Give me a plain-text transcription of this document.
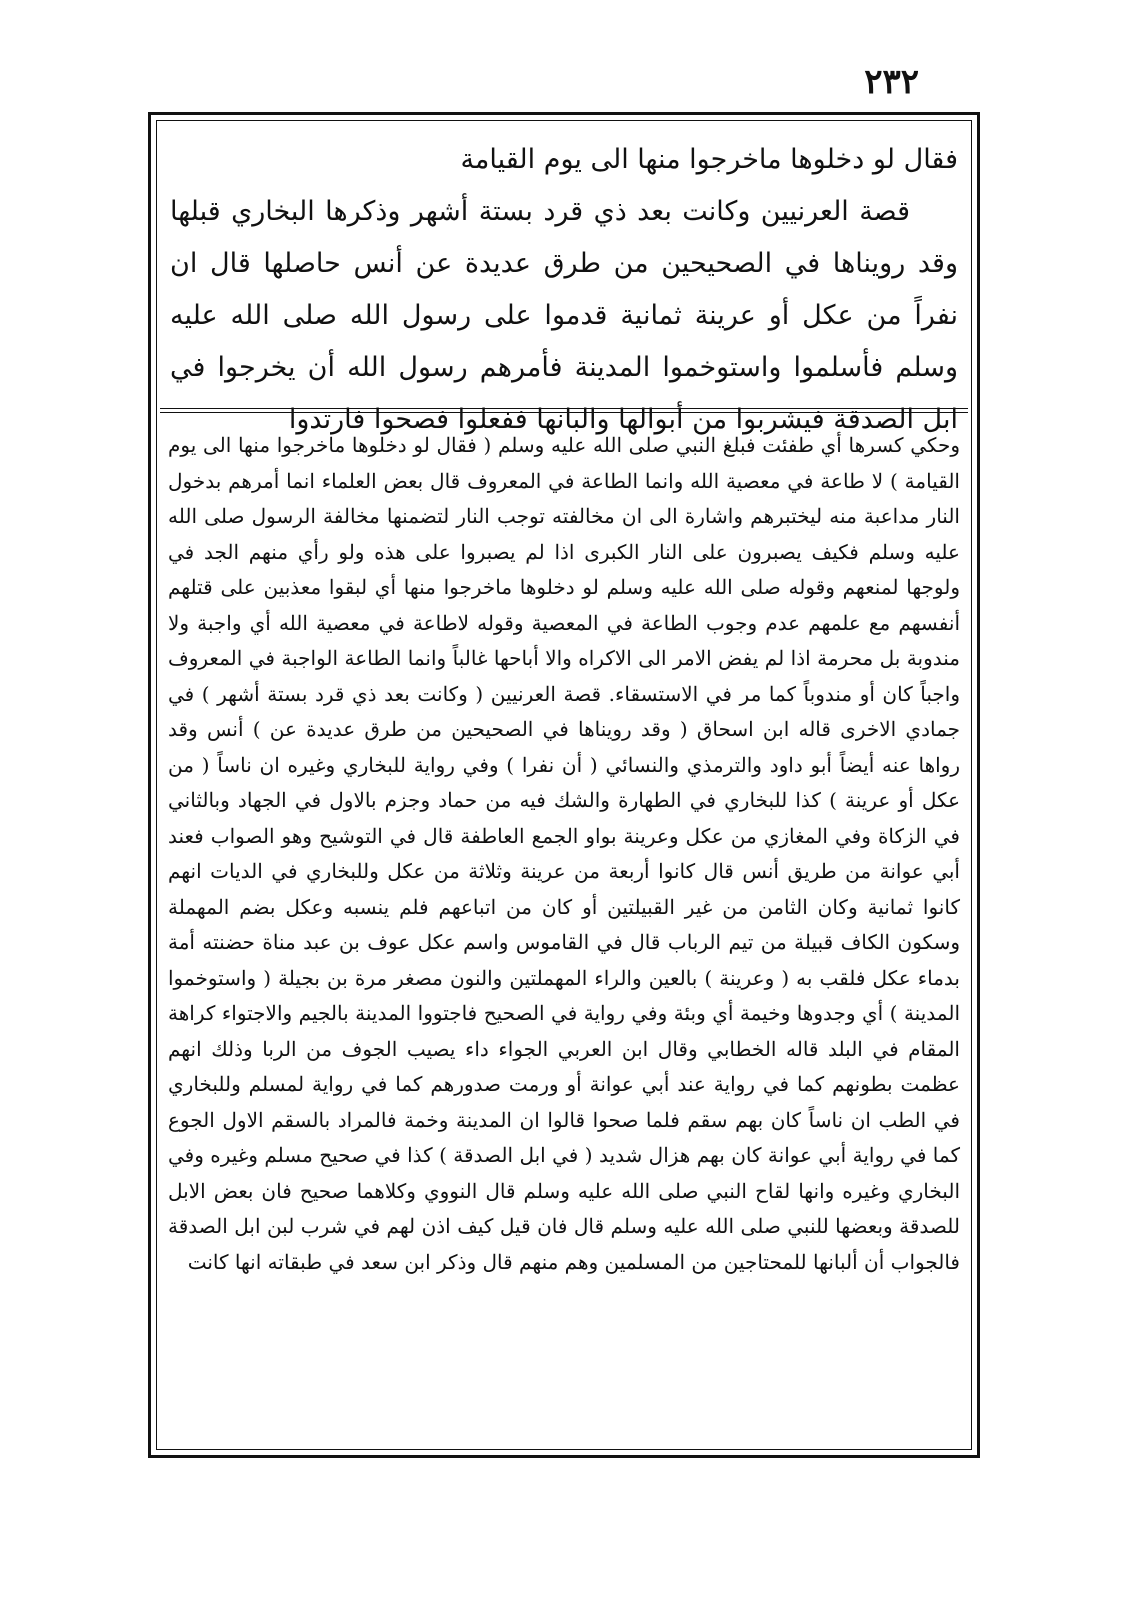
٢٣٢

فقال لو دخلوها ماخرجوا منها الى يوم القيامة

قصة العرنيين وكانت بعد ذي قرد بستة أشهر وذكرها البخاري قبلها وقد رويناها في الصحيحين من طرق عديدة عن أنس حاصلها قال ان نفراً من عكل أو عرينة ثمانية قدموا على رسول الله صلى الله عليه وسلم فأسلموا واستوخموا المدينة فأمرهم رسول الله أن يخرجوا في ابل الصدقة فيشربوا من أبوالها والبانها ففعلوا فصحوا فارتدوا

وحكي كسرها أي طفئت فبلغ النبي صلى الله عليه وسلم ( فقال لو دخلوها ماخرجوا منها الى يوم القيامة ) لا طاعة في معصية الله وانما الطاعة في المعروف قال بعض العلماء انما أمرهم بدخول النار مداعبة منه ليختبرهم واشارة الى ان مخالفته توجب النار لتضمنها مخالفة الرسول صلى الله عليه وسلم فكيف يصبرون على النار الكبرى اذا لم يصبروا على هذه ولو رأي منهم الجد في ولوجها لمنعهم وقوله صلى الله عليه وسلم لو دخلوها ماخرجوا منها أي لبقوا معذبين على قتلهم أنفسهم مع علمهم عدم وجوب الطاعة في المعصية وقوله لاطاعة في معصية الله أي واجبة ولا مندوبة بل محرمة اذا لم يفض الامر الى الاكراه والا أباحها غالباً وانما الطاعة الواجبة في المعروف واجباً كان أو مندوباً كما مر في الاستسقاء. قصة العرنيين ( وكانت بعد ذي قرد بستة أشهر ) في جمادي الاخرى قاله ابن اسحاق ( وقد رويناها في الصحيحين من طرق عديدة عن ) أنس وقد رواها عنه أيضاً أبو داود والترمذي والنسائي ( أن نفرا ) وفي رواية للبخاري وغيره ان ناساً ( من عكل أو عرينة ) كذا للبخاري في الطهارة والشك فيه من حماد وجزم بالاول في الجهاد وبالثاني في الزكاة وفي المغازي من عكل وعرينة بواو الجمع العاطفة قال في التوشيح وهو الصواب فعند أبي عوانة من طريق أنس قال كانوا أربعة من عرينة وثلاثة من عكل وللبخاري في الديات انهم كانوا ثمانية وكان الثامن من غير القبيلتين أو كان من اتباعهم فلم ينسبه وعكل بضم المهملة وسكون الكاف قبيلة من تيم الرباب قال في القاموس واسم عكل عوف بن عبد مناة حضنته أمة بدماء عكل فلقب به ( وعرينة ) بالعين والراء المهملتين والنون مصغر مرة بن بجيلة ( واستوخموا المدينة ) أي وجدوها وخيمة أي وبئة وفي رواية في الصحيح فاجتووا المدينة بالجيم والاجتواء كراهة المقام في البلد قاله الخطابي وقال ابن العربي الجواء داء يصيب الجوف من الربا وذلك انهم عظمت بطونهم كما في رواية عند أبي عوانة أو ورمت صدورهم كما في رواية لمسلم وللبخاري في الطب ان ناساً كان بهم سقم فلما صحوا قالوا ان المدينة وخمة فالمراد بالسقم الاول الجوع كما في رواية أبي عوانة كان بهم هزال شديد ( في ابل الصدقة ) كذا في صحيح مسلم وغيره وفي البخاري وغيره وانها لقاح النبي صلى الله عليه وسلم قال النووي وكلاهما صحيح فان بعض الابل للصدقة وبعضها للنبي صلى الله عليه وسلم قال فان قيل كيف اذن لهم في شرب لبن ابل الصدقة فالجواب أن ألبانها للمحتاجين من المسلمين وهم منهم قال وذكر ابن سعد في طبقاته انها كانت
